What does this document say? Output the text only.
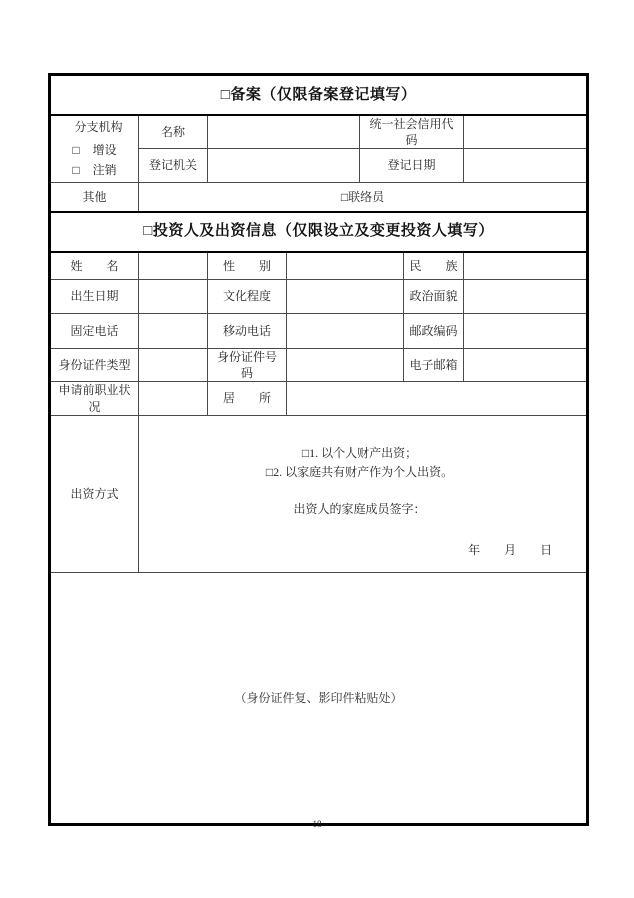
□备案（仅限备案登记填写）						

分支机构
□ 增设
□ 注销	名称			统一社会信用代码		
	登记机关			登记日期		
其他	□联络员					
□投资人及出资信息（仅限设立及变更投资人填写）						
姓　　名		性　　别			民　　族	
出生日期		文化程度			政治面貌	
固定电话		移动电话			邮政编码	
身份证件类型		身份证件号码			电子邮箱	
申请前职业状况		居　　所				
出资方式	□1. 以个人财产出资；
□2. 以家庭共有财产作为个人出资。
出资人的家庭成员签字：
年　　月　　日					

（身份证件复、影印件粘贴处）						
18
